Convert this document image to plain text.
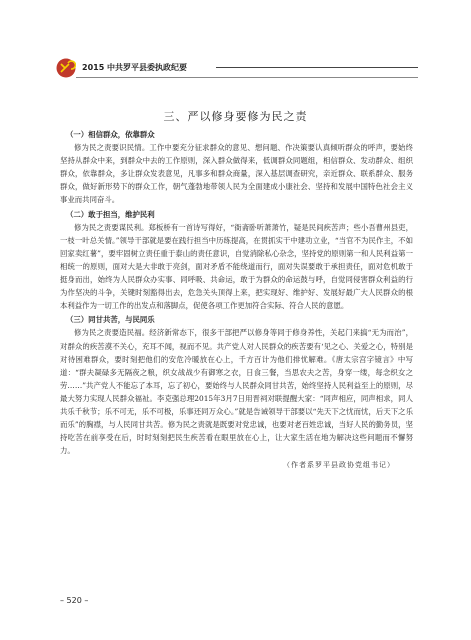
2015 中共罗平县委执政纪要
三、严以修身要修为民之责
（一）相信群众，依靠群众

修为民之责要识民情。工作中要充分征求群众的意见、想问题、作决策要认真倾听群众的呼声，要始终坚持从群众中来，到群众中去的工作原则，深入群众做得来，低调群众同题组，相信群众、发动群众、组织群众，依靠群众，多让群众发表意见，凡事多和群众商量，深入基层调查研究，亲近群众、联系群众、服务群众，做好新形势下的群众工作，朝气蓬勃地带领人民为全面建成小康社会、坚持和发展中国特色社会主义事业而共同奋斗。

（二）敢于担当，维护民利

修为民之责要谋民利。郑板桥有一首诗写得好，“衙斋卧听萧萧竹，疑是民间疾苦声；些小吾曹州县吏，一枝一叶总关情。”领导干部就是要在践行担当中历练提高，在贯抓实干中建功立业，“当官不为民作主，不如回家卖红薯”，要牢固树立责任重于泰山的责任意识，自觉消除私心杂念，坚持党的原则第一和人民利益第一相统一的原则，面对大是大非敢于亮剑，面对矛盾不能绕道而行，面对失误要敢于承担责任，面对危机敢于挺身而出，始终为人民群众办实事、同呼吸、共命运，敢于为群众的命运鼓与呼，自觉同侵害群众利益的行为作坚决的斗争，关键时刻豁得出去，危急关头顶得上来，把实现好、维护好、发展好最广大人民群众的根本利益作为一切工作的出发点和落脚点，促使各项工作更加符合实际、符合人民的意愿。

（三）同甘共苦，与民同乐

修为民之责要造民福。经济新常态下，很多干部把严以修身等同于修身养性，关起门来搞“无为而治”，对群众的疾苦漠不关心，充耳不闻，视而不见。共产党人对人民群众的疾苦要有‘见之心、关爱之心，特别是对待困难群众，要时刻把他们的安危冷暖放在心上，千方百计为他们排忧解难。《唐太宗宫字镜言》中写道：“群夫凝碌多无隔夜之粮，织女战战少有御寒之衣，日食三餐，当思农夫之苦，身穿一缕，每念织女之劳……”共产党人不能忘了本耳，忘了初心，要始终与人民群众同甘共苦，始终坚持人民利益至上的原则，尽最大努力实现人民群众福祉。李克强总理2015年3月7日用晋祠对联提醒大家：“同声相应，同声相求，同人共乐千秋节；乐不可无，乐不可极，乐事还同万众心。”就是告诫领导干部要以“先天下之忧而忧，后天下之乐而乐”的胸襟，与人民同甘共苦。修为民之责就是既要对党忠诚，也要对老百姓忠诚，当好人民的勤务员，坚持吃苦在前享受在后，时时刻刻把民生疾苦看在眼里放在心上，让大家生活在地为解决这些问题而不懈努力。

（作者系罗平县政协党组书记）
– 520 –
